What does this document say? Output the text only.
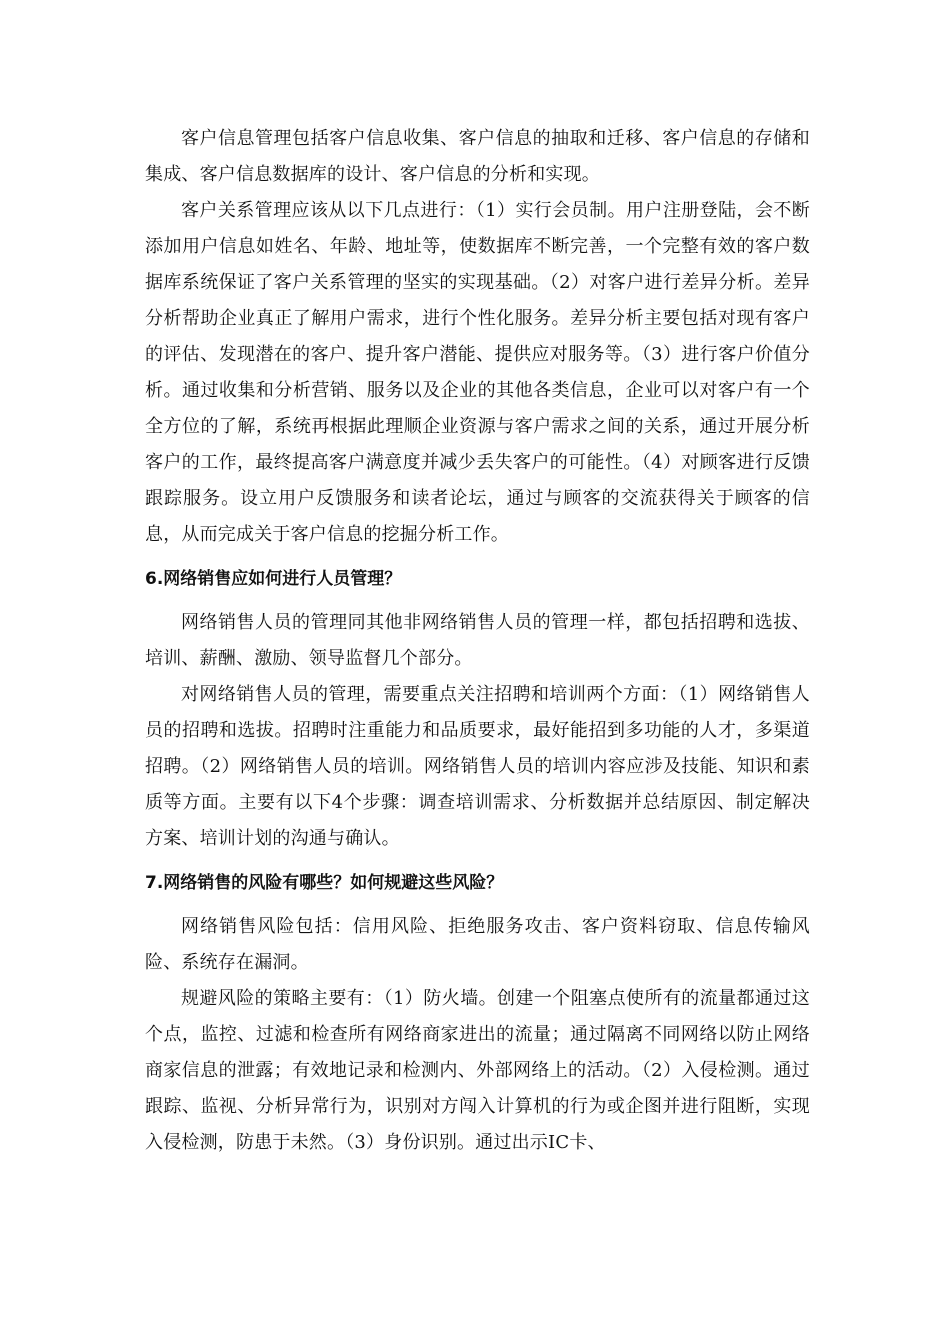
客户信息管理包括客户信息收集、客户信息的抽取和迁移、客户信息的存储和集成、客户信息数据库的设计、客户信息的分析和实现。

客户关系管理应该从以下几点进行：（1）实行会员制。用户注册登陆，会不断添加用户信息如姓名、年龄、地址等，使数据库不断完善，一个完整有效的客户数据库系统保证了客户关系管理的坚实的实现基础。（2）对客户进行差异分析。差异分析帮助企业真正了解用户需求，进行个性化服务。差异分析主要包括对现有客户的评估、发现潜在的客户、提升客户潜能、提供应对服务等。（3）进行客户价值分析。通过收集和分析营销、服务以及企业的其他各类信息，企业可以对客户有一个全方位的了解，系统再根据此理顺企业资源与客户需求之间的关系，通过开展分析客户的工作，最终提高客户满意度并减少丢失客户的可能性。（4）对顾客进行反馈跟踪服务。设立用户反馈服务和读者论坛，通过与顾客的交流获得关于顾客的信息，从而完成关于客户信息的挖掘分析工作。

6.网络销售应如何进行人员管理？

网络销售人员的管理同其他非网络销售人员的管理一样，都包括招聘和选拔、培训、薪酬、激励、领导监督几个部分。

对网络销售人员的管理，需要重点关注招聘和培训两个方面：（1）网络销售人员的招聘和选拔。招聘时注重能力和品质要求，最好能招到多功能的人才，多渠道招聘。（2）网络销售人员的培训。网络销售人员的培训内容应涉及技能、知识和素质等方面。主要有以下4个步骤：调查培训需求、分析数据并总结原因、制定解决方案、培训计划的沟通与确认。

7.网络销售的风险有哪些？如何规避这些风险？

网络销售风险包括：信用风险、拒绝服务攻击、客户资料窃取、信息传输风险、系统存在漏洞。

规避风险的策略主要有：（1）防火墙。创建一个阻塞点使所有的流量都通过这个点，监控、过滤和检查所有网络商家进出的流量；通过隔离不同网络以防止网络商家信息的泄露；有效地记录和检测内、外部网络上的活动。（2）入侵检测。通过跟踪、监视、分析异常行为，识别对方闯入计算机的行为或企图并进行阻断，实现入侵检测，防患于未然。（3）身份识别。通过出示IC卡、
